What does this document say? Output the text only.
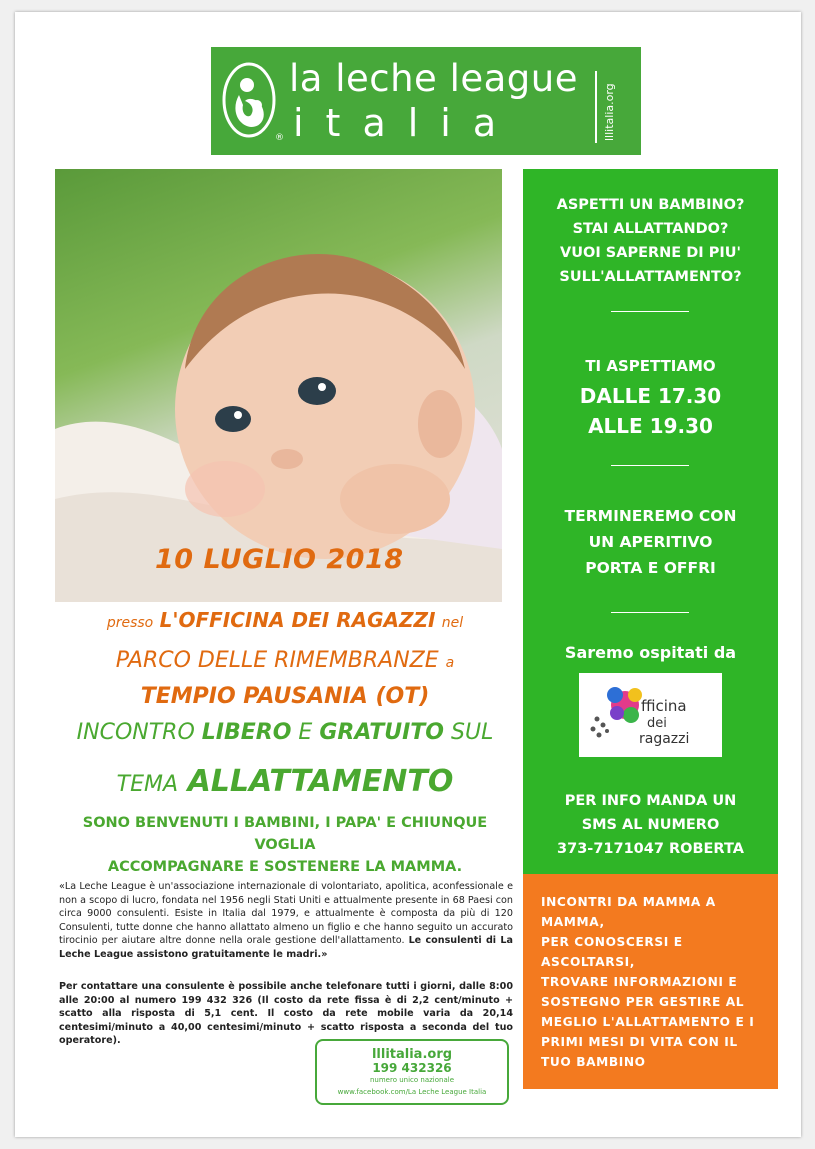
la leche league
italia
®	lllitalia.org
10 LUGLIO 2018
presso L'OFFICINA DEI RAGAZZI nel
PARCO DELLE RIMEMBRANZE a
TEMPIO PAUSANIA (OT)
INCONTRO LIBERO E GRATUITO SUL
TEMA ALLATTAMENTO
SONO BENVENUTI I BAMBINI, I PAPA' E CHIUNQUE VOGLIA
ACCOMPAGNARE E SOSTENERE LA MAMMA.
«La Leche League è un'associazione internazionale di volontariato, apolitica, aconfessionale e non a scopo di lucro, fondata nel 1956 negli Stati Uniti e attualmente presente in 68 Paesi con circa 9000 consulenti. Esiste in Italia dal 1979, e attualmente è composta da più di 120 Consulenti, tutte donne che hanno allattato almeno un figlio e che hanno seguito un accurato tirocinio per aiutare altre donne nella orale gestione dell'allattamento. Le consulenti di La Leche League assistono gratuitamente le madri.»
Per contattare una consulente è possibile anche telefonare tutti i giorni, dalle 8:00 alle 20:00 al numero 199 432 326 (Il costo da rete fissa è di 2,2 cent/minuto + scatto alla risposta di 5,1 cent. Il costo da rete mobile varia da 20,14 centesimi/minuto a 40,00 centesimi/minuto + scatto risposta a seconda del tuo operatore).
lllitalia.org
199 432326
numero unico nazionale
www.facebook.com/La Leche League Italia
ASPETTI UN BAMBINO?
STAI ALLATTANDO?
VUOI SAPERNE DI PIU'
SULL'ALLATTAMENTO?
TI ASPETTIAMO
DALLE 17.30
ALLE 19.30
TERMINEREMO CON
UN APERITIVO
PORTA E OFFRI
Saremo ospitati da
fficina
dei
ragazzi
PER INFO MANDA UN
SMS AL NUMERO
373-7171047 ROBERTA
INCONTRI DA MAMMA A MAMMA,
PER CONOSCERSI E ASCOLTARSI,
TROVARE INFORMAZIONI E SOSTEGNO PER GESTIRE AL MEGLIO L'ALLATTAMENTO E I PRIMI MESI DI VITA CON IL TUO BAMBINO
